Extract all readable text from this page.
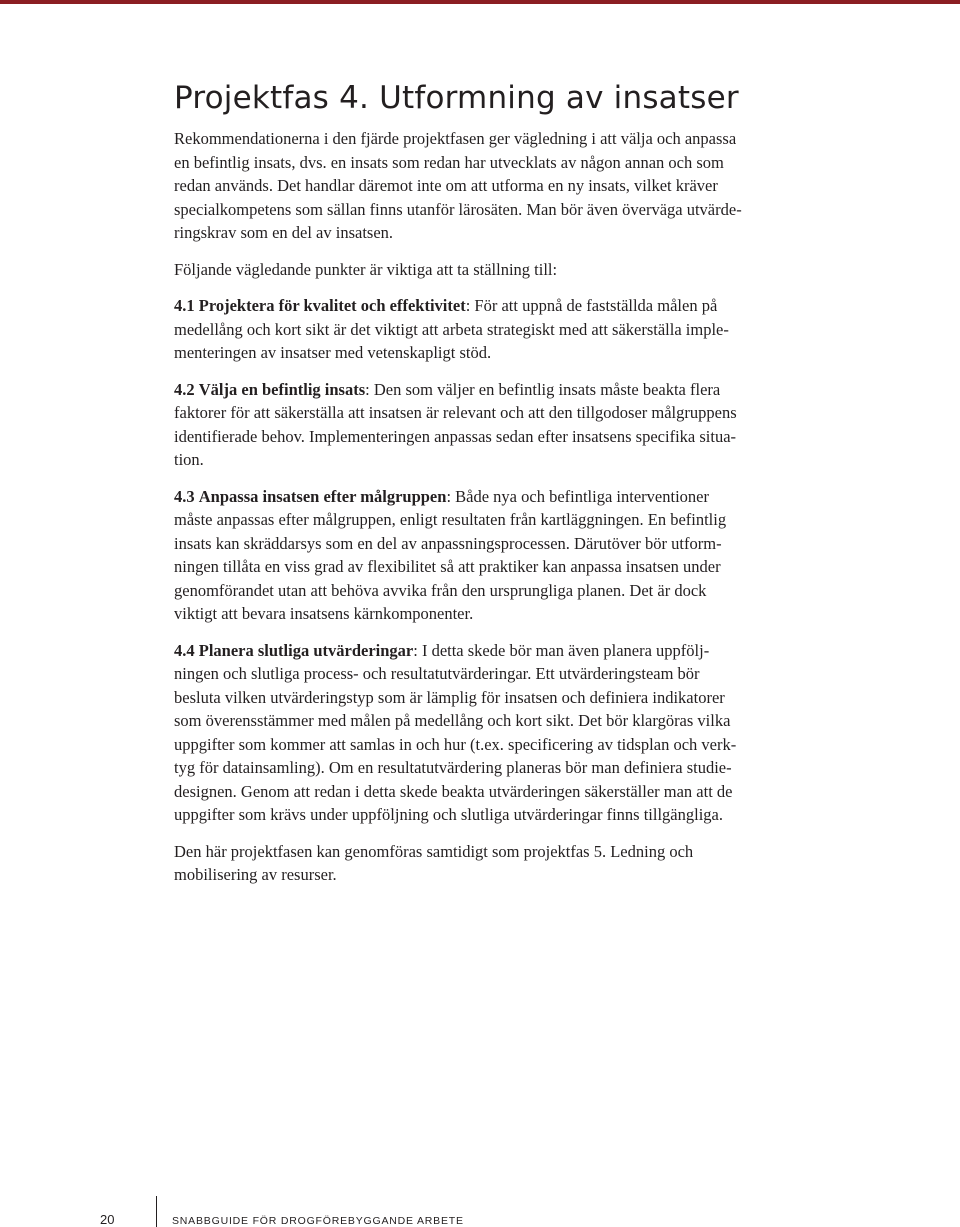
Projektfas 4. Utformning av insatser

Rekommendationerna i den fjärde projektfasen ger vägledning i att välja och anpassa
en befintlig insats, dvs. en insats som redan har utvecklats av någon annan och som
redan används. Det handlar däremot inte om att utforma en ny insats, vilket kräver
specialkompetens som sällan finns utanför lärosäten. Man bör även överväga utvärde-
ringskrav som en del av insatsen.

Följande vägledande punkter är viktiga att ta ställning till:

4.1 Projektera för kvalitet och effektivitet: För att uppnå de fastställda målen på
medellång och kort sikt är det viktigt att arbeta strategiskt med att säkerställa imple-
menteringen av insatser med vetenskapligt stöd.

4.2 Välja en befintlig insats: Den som väljer en befintlig insats måste beakta flera
faktorer för att säkerställa att insatsen är relevant och att den tillgodoser målgruppens
identifierade behov. Implementeringen anpassas sedan efter insatsens specifika situa-
tion.

4.3 Anpassa insatsen efter målgruppen: Både nya och befintliga interventioner
måste anpassas efter målgruppen, enligt resultaten från kartläggningen. En befintlig
insats kan skräddarsys som en del av anpassningsprocessen. Därutöver bör utform-
ningen tillåta en viss grad av flexibilitet så att praktiker kan anpassa insatsen under
genomförandet utan att behöva avvika från den ursprungliga planen. Det är dock
viktigt att bevara insatsens kärnkomponenter.

4.4 Planera slutliga utvärderingar: I detta skede bör man även planera uppfölj-
ningen och slutliga process- och resultatutvärderingar. Ett utvärderingsteam bör
besluta vilken utvärderingstyp som är lämplig för insatsen och definiera indikatorer
som överensstämmer med målen på medellång och kort sikt. Det bör klargöras vilka
uppgifter som kommer att samlas in och hur (t.ex. specificering av tidsplan och verk-
tyg för datainsamling). Om en resultatutvärdering planeras bör man definiera studie-
designen. Genom att redan i detta skede beakta utvärderingen säkerställer man att de
uppgifter som krävs under uppföljning och slutliga utvärderingar finns tillgängliga.

Den här projektfasen kan genomföras samtidigt som projektfas 5. Ledning och
mobilisering av resurser.

20	SNABBGUIDE FÖR DROGFÖREBYGGANDE ARBETE
